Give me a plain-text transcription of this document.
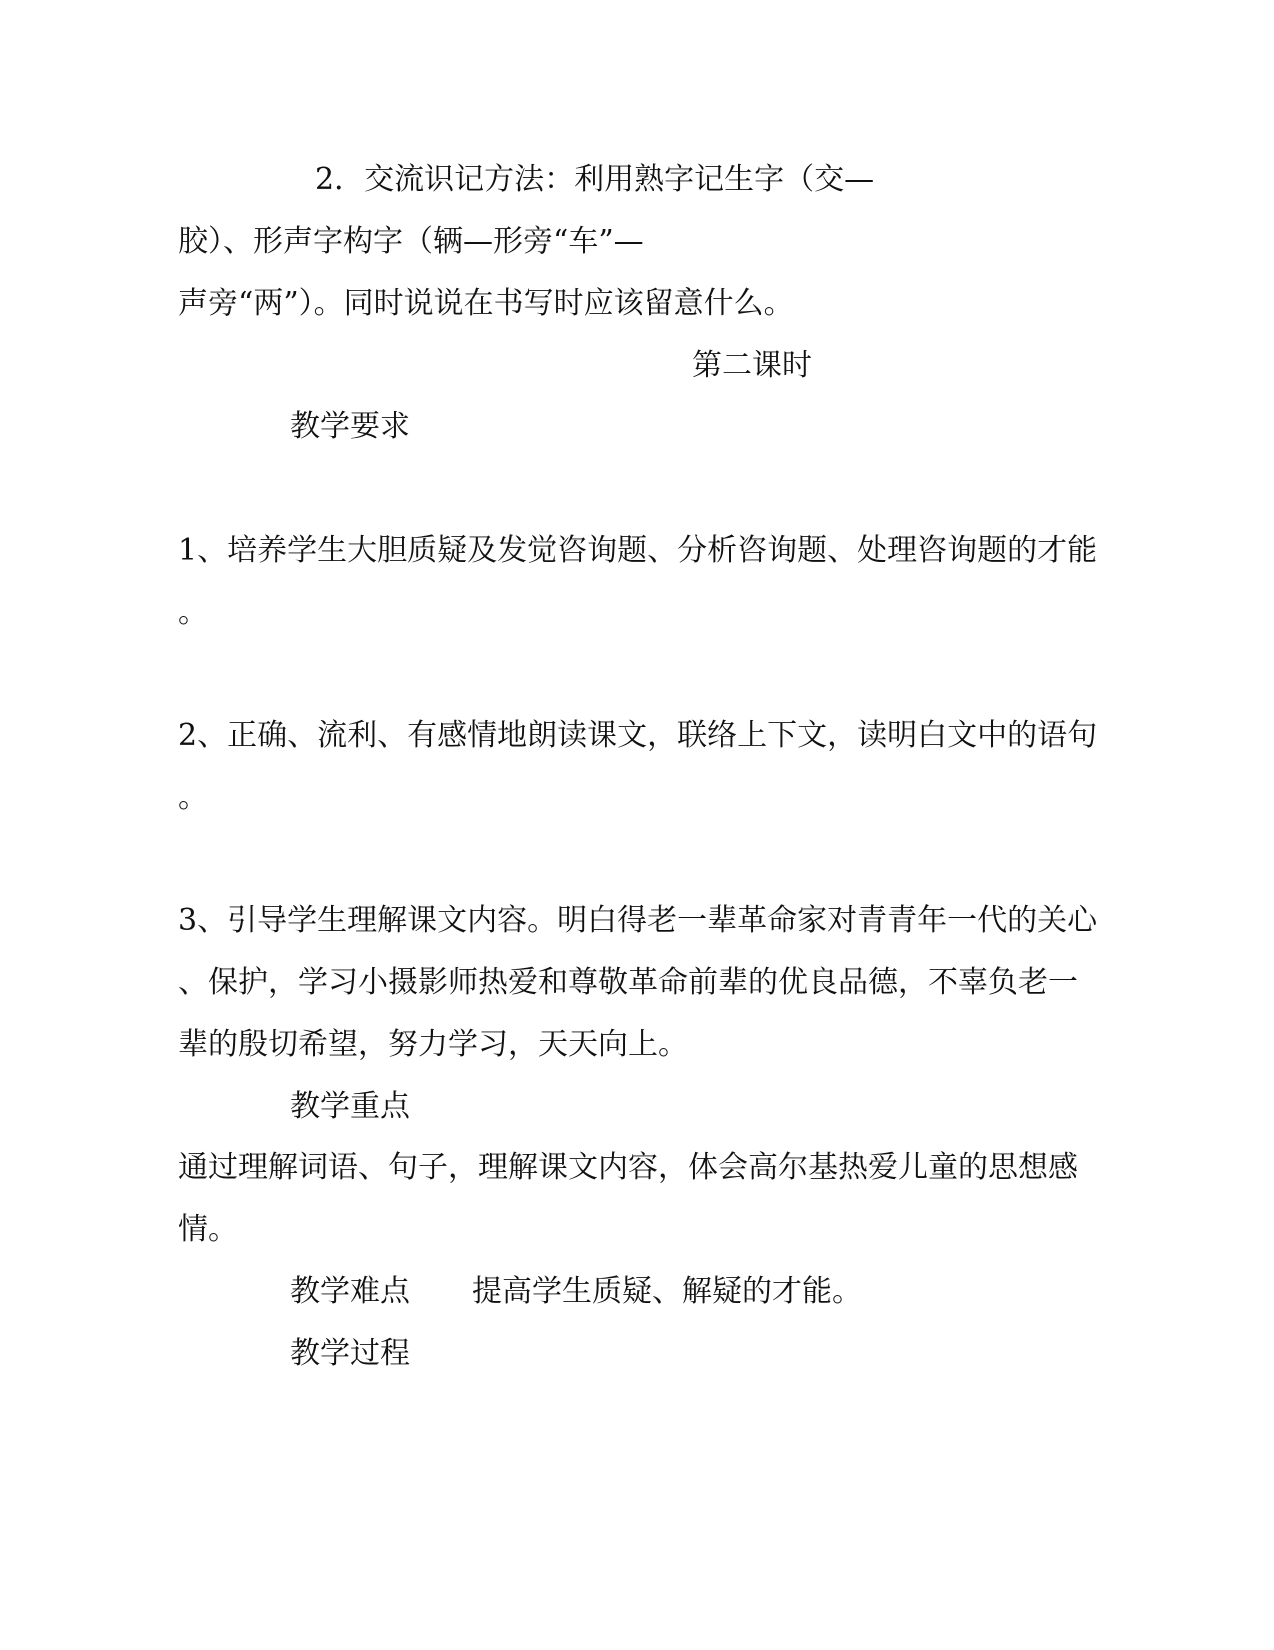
2．交流识记方法：利用熟字记生字（交—
胶）、形声字构字（辆—形旁“车”—
声旁“两”）。同时说说在书写时应该留意什么。
第二课时
教学要求
1、培养学生大胆质疑及发觉咨询题、分析咨询题、处理咨询题的才能
。
2、正确、流利、有感情地朗读课文，联络上下文，读明白文中的语句
。
3、引导学生理解课文内容。明白得老一辈革命家对青青年一代的关心
、保护，学习小摄影师热爱和尊敬革命前辈的优良品德，不辜负老一
辈的殷切希望，努力学习，天天向上。
教学重点
通过理解词语、句子，理解课文内容，体会高尔基热爱儿童的思想感
情。
教学难点 提高学生质疑、解疑的才能。
教学过程
